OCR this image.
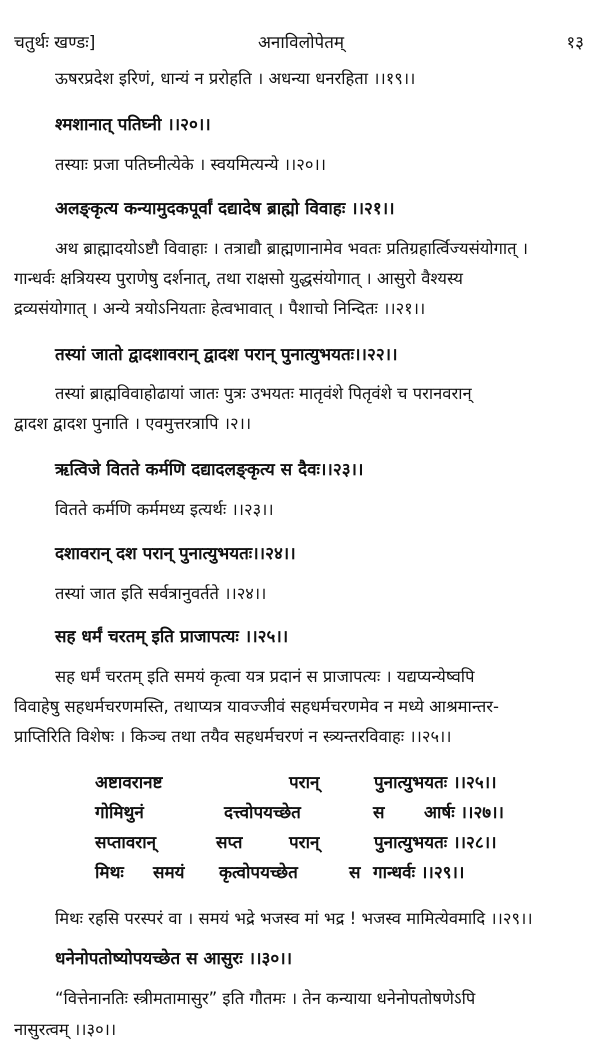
चतुर्थः खण्डः]	अनाविलोपेतम्	१३
ऊषरप्रदेश इरिणं, धान्यं न प्ररोहति । अधन्या धनरहिता ।।१९।।
श्मशानात् पतिघ्नी ।।२०।।
तस्याः प्रजा पतिघ्नीत्येके । स्वयमित्यन्ये ।।२०।।
अलङ्कृत्य कन्यामुदकपूर्वां दद्यादेष ब्राह्मो विवाहः ।।२१।।
अथ ब्राह्मादयोऽष्टौ विवाहाः । तत्राद्यौ ब्राह्मणानामेव भवतः प्रतिग्रहार्त्विज्यसंयोगात् ।
गान्धर्वः क्षत्रियस्य पुराणेषु दर्शनात्, तथा राक्षसो युद्धसंयोगात् । आसुरो वैश्यस्य
द्रव्यसंयोगात् । अन्ये त्रयोऽनियताः हेत्वभावात् । पैशाचो निन्दितः ।।२१।।
तस्यां जातो द्वादशावरान् द्वादश परान् पुनात्युभयतः।।२२।।
तस्यां ब्राह्मविवाहोढायां जातः पुत्रः उभयतः मातृवंशे पितृवंशे च परानवरान्
द्वादश द्वादश पुनाति । एवमुत्तरत्रापि ।२।।
ऋत्विजे वितते कर्मणि दद्यादलङ्कृत्य स दैवः।।२३।।
वितते कर्मणि कर्ममध्य इत्यर्थः ।।२३।।
दशावरान् दश परान् पुनात्युभयतः।।२४।।
तस्यां जात इति सर्वत्रानुवर्तते ।।२४।।
सह धर्मं चरतम् इति प्राजापत्यः ।।२५।।
सह धर्मं चरतम् इति समयं कृत्वा यत्र प्रदानं स प्राजापत्यः । यद्यप्यन्येष्वपि
विवाहेषु सहधर्मचरणमस्ति, तथाप्यत्र यावज्जीवं सहधर्मचरणमेव न मध्ये आश्रमान्तर-
प्राप्तिरिति विशेषः । किञ्च तथा तयैव सहधर्मचरणं न स्त्र्यन्तरविवाहः ।।२५।।
अष्टावरानष्ट	परान्	पुनात्युभयतः ।।२५।।
गोमिथुनं	दत्त्वोपयच्छेत	स आर्षः ।।२७।।
सप्तावरान्	सप्त	परान्	पुनात्युभयतः ।।२८।।
मिथः समयं कृत्वोपयच्छेत	स गान्धर्वः ।।२९।।
मिथः रहसि परस्परं वा । समयं भद्रे भजस्व मां भद्र ! भजस्व मामित्येवमादि ।।२९।।
धनेनोपतोष्योपयच्छेत स आसुरः ।।३०।।
“वित्तेनानतिः स्त्रीमतामासुर” इति गौतमः । तेन कन्याया धनेनोपतोषणेऽपि
नासुरत्वम् ।।३०।।
